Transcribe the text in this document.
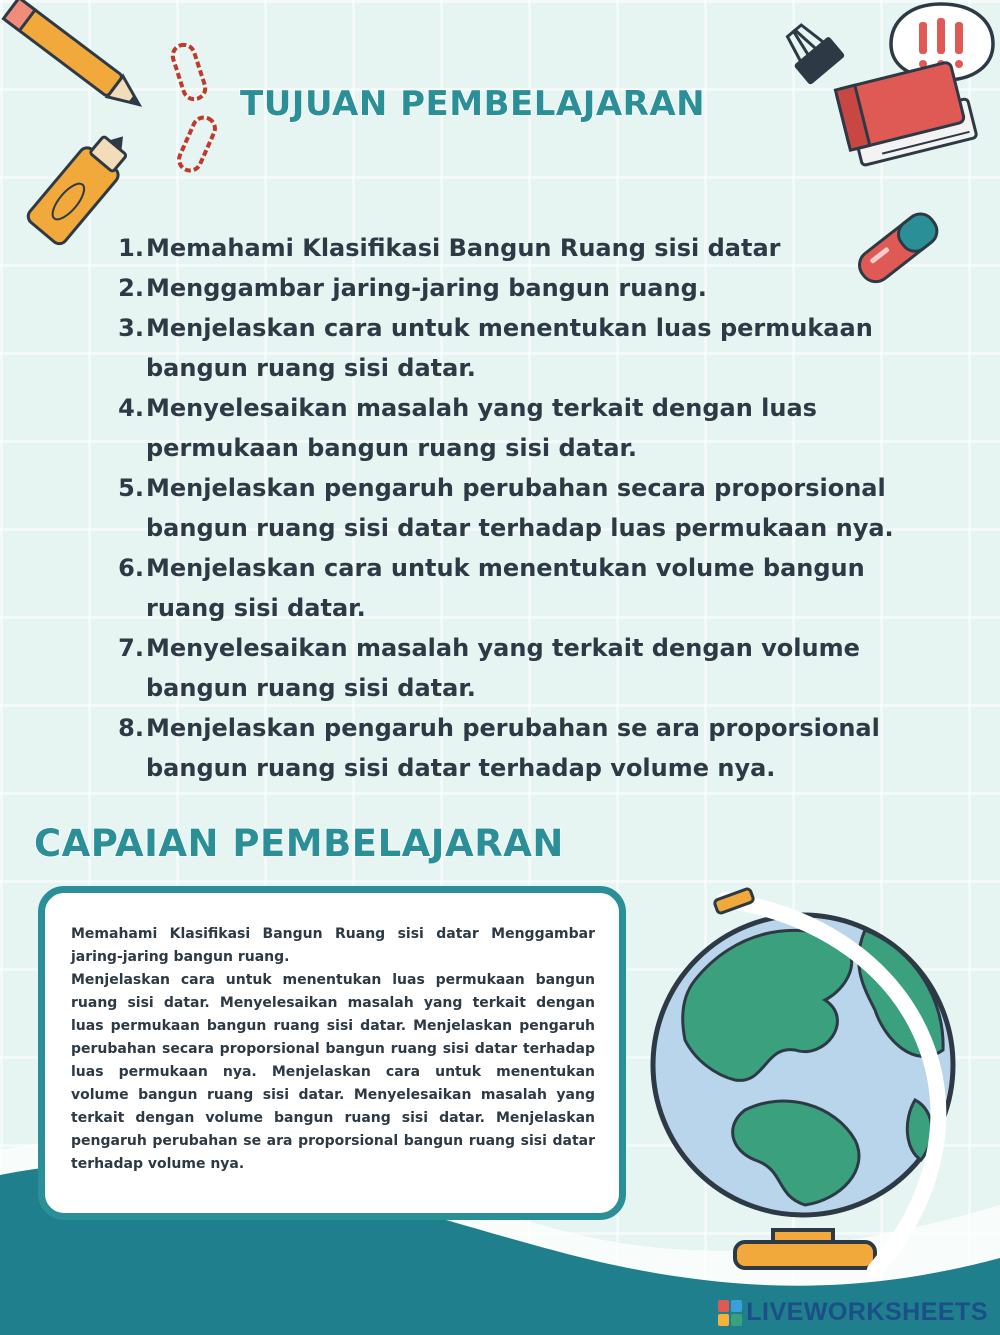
TUJUAN PEMBELAJARAN
1. Memahami Klasifikasi Bangun Ruang sisi datar
2. Menggambar jaring-jaring bangun ruang.
3. Menjelaskan cara untuk menentukan luas permukaan bangun ruang sisi datar.
4. Menyelesaikan masalah yang terkait dengan luas permukaan bangun ruang sisi datar.
5. Menjelaskan pengaruh perubahan secara proporsional bangun ruang sisi datar terhadap luas permukaan nya.
6. Menjelaskan cara untuk menentukan volume bangun ruang sisi datar.
7. Menyelesaikan masalah yang terkait dengan volume bangun ruang sisi datar.
8. Menjelaskan pengaruh perubahan se ara proporsional bangun ruang sisi datar terhadap volume nya.
CAPAIAN PEMBELAJARAN

Memahami Klasifikasi Bangun Ruang sisi datar Menggambar jaring-jaring bangun ruang.

Menjelaskan cara untuk menentukan luas permukaan bangun ruang sisi datar. Menyelesaikan masalah yang terkait dengan luas permukaan bangun ruang sisi datar. Menjelaskan pengaruh perubahan secara proporsional bangun ruang sisi datar terhadap luas permukaan nya. Menjelaskan cara untuk menentukan volume bangun ruang sisi datar. Menyelesaikan masalah yang terkait dengan volume bangun ruang sisi datar. Menjelaskan pengaruh perubahan se ara proporsional bangun ruang sisi datar terhadap volume nya.

LIVEWORKSHEETS
